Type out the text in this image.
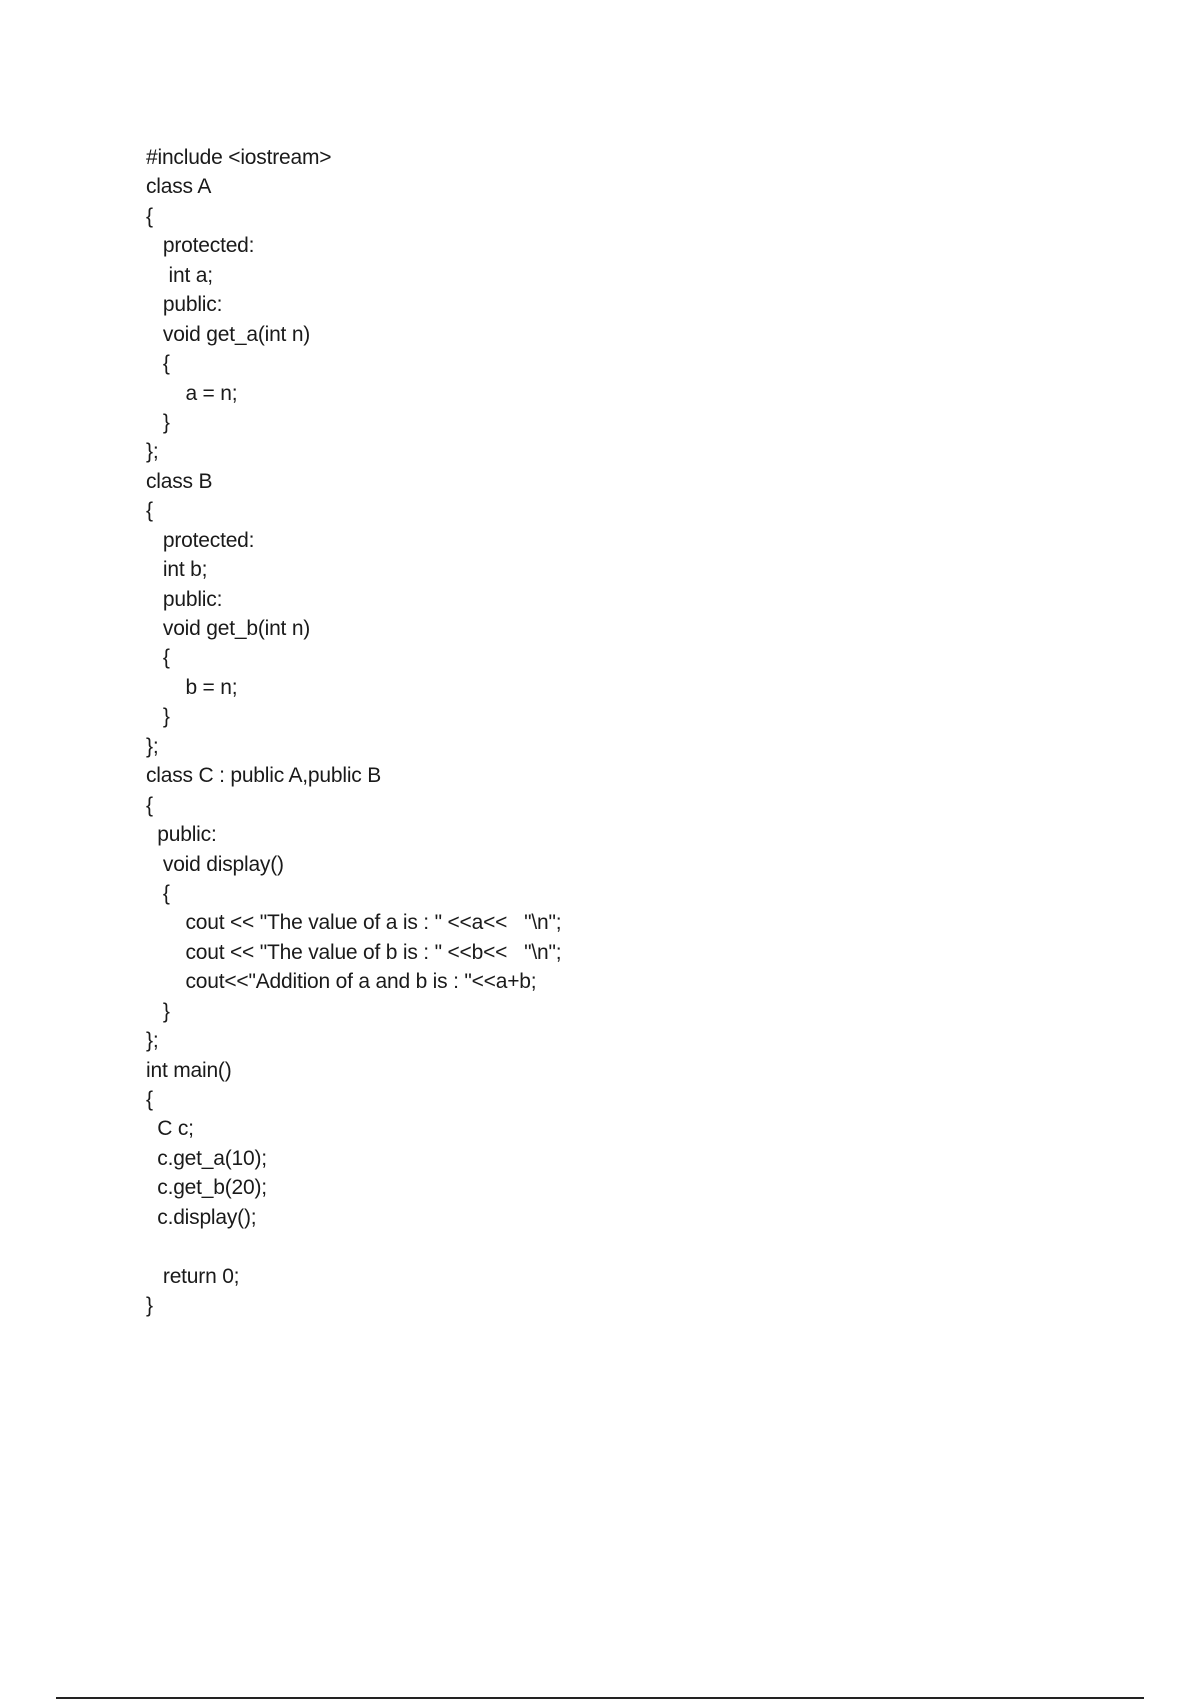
#include <iostream>
class A
{
protected:
int a;
public:
void get_a(int n)
{
a = n;
}
};
class B
{
protected:
int b;
public:
void get_b(int n)
{
b = n;
}
};
class C : public A,public B
{
public:
void display()
{
cout << "The value of a is : " <<a<<   "\n";
cout << "The value of b is : " <<b<<   "\n";
cout<<"Addition of a and b is : "<<a+b;
}
};
int main()
{
C c;
c.get_a(10);
c.get_b(20);
c.display();
return 0;
}
